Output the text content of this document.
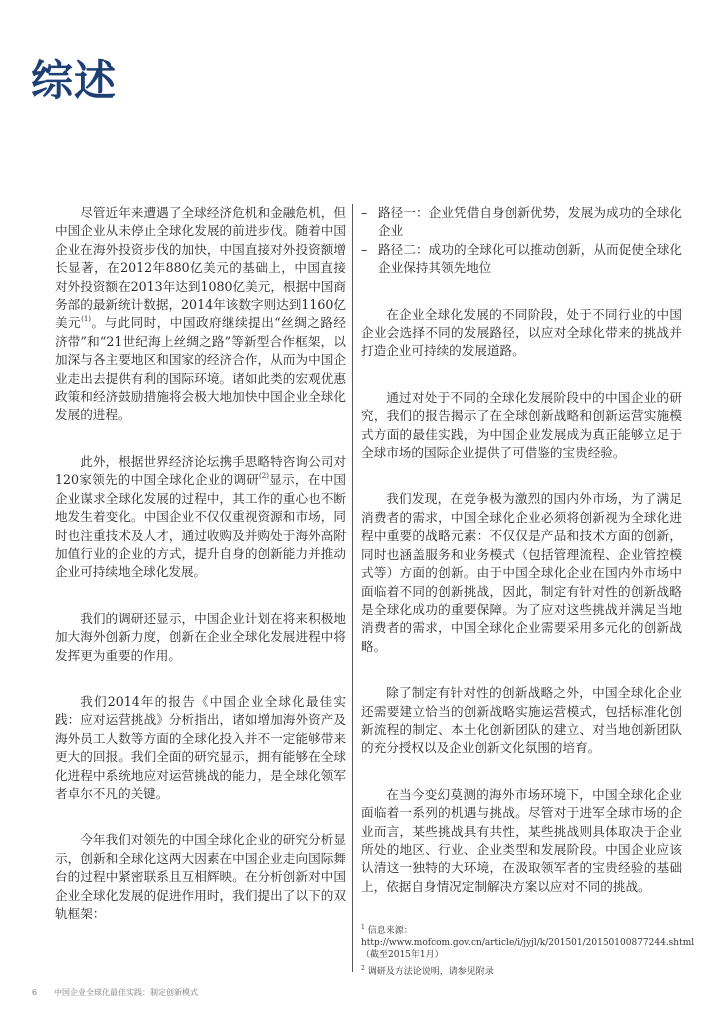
综述

尽管近年来遭遇了全球经济危机和金融危机，但中国企业从未停止全球化发展的前进步伐。随着中国企业在海外投资步伐的加快，中国直接对外投资额增长显著，在2012年880亿美元的基础上，中国直接对外投资额在2013年达到1080亿美元，根据中国商务部的最新统计数据，2014年该数字则达到1160亿美元$^{(1)}$。与此同时，中国政府继续提出“丝绸之路经济带”和“21世纪海上丝绸之路”等新型合作框架，以加深与各主要地区和国家的经济合作，从而为中国企业走出去提供有利的国际环境。诸如此类的宏观优惠政策和经济鼓励措施将会极大地加快中国企业全球化发展的进程。

此外，根据世界经济论坛携手思略特咨询公司对120家领先的中国全球化企业的调研$^{(2)}$显示，在中国企业谋求全球化发展的过程中，其工作的重心也不断地发生着变化。中国企业不仅仅重视资源和市场，同时也注重技术及人才，通过收购及并购处于海外高附加值行业的企业的方式，提升自身的创新能力并推动企业可持续地全球化发展。

我们的调研还显示，中国企业计划在将来积极地加大海外创新力度，创新在企业全球化发展进程中将发挥更为重要的作用。

我们2014年的报告《中国企业全球化最佳实践：应对运营挑战》分析指出，诸如增加海外资产及海外员工人数等方面的全球化投入并不一定能够带来更大的回报。我们全面的研究显示，拥有能够在全球化进程中系统地应对运营挑战的能力，是全球化领军者卓尔不凡的关键。

今年我们对领先的中国全球化企业的研究分析显示，创新和全球化这两大因素在中国企业走向国际舞台的过程中紧密联系且互相辉映。在分析创新对中国企业全球化发展的促进作用时，我们提出了以下的双轨框架：

– 路径一：企业凭借自身创新优势，发展为成功的全球化企业
– 路径二：成功的全球化可以推动创新，从而促使全球化企业保持其领先地位

在企业全球化发展的不同阶段，处于不同行业的中国企业会选择不同的发展路径，以应对全球化带来的挑战并打造企业可持续的发展道路。

通过对处于不同的全球化发展阶段中的中国企业的研究，我们的报告揭示了在全球创新战略和创新运营实施模式方面的最佳实践，为中国企业发展成为真正能够立足于全球市场的国际企业提供了可借鉴的宝贵经验。

我们发现，在竞争极为激烈的国内外市场，为了满足消费者的需求，中国全球化企业必须将创新视为全球化进程中重要的战略元素：不仅仅是产品和技术方面的创新，同时也涵盖服务和业务模式（包括管理流程、企业管控模式等）方面的创新。由于中国全球化企业在国内外市场中面临着不同的创新挑战，因此，制定有针对性的创新战略是全球化成功的重要保障。为了应对这些挑战并满足当地消费者的需求，中国全球化企业需要采用多元化的创新战略。

除了制定有针对性的创新战略之外，中国全球化企业还需要建立恰当的创新战略实施运营模式，包括标准化创新流程的制定、本土化创新团队的建立、对当地创新团队的充分授权以及企业创新文化氛围的培育。

在当今变幻莫测的海外市场环境下，中国全球化企业面临着一系列的机遇与挑战。尽管对于进军全球市场的企业而言，某些挑战具有共性，某些挑战则具体取决于企业所处的地区、行业、企业类型和发展阶段。中国企业应该认清这一独特的大环境，在汲取领军者的宝贵经验的基础上，依据自身情况定制解决方案以应对不同的挑战。

$^1$ 信息来源：http://www.mofcom.gov.cn/article/i/jyjl/k/201501/20150100877244.shtml（截至2015年1月）
$^2$ 调研及方法论说明，请参见附录
6 中国企业全球化最佳实践：制定创新模式
